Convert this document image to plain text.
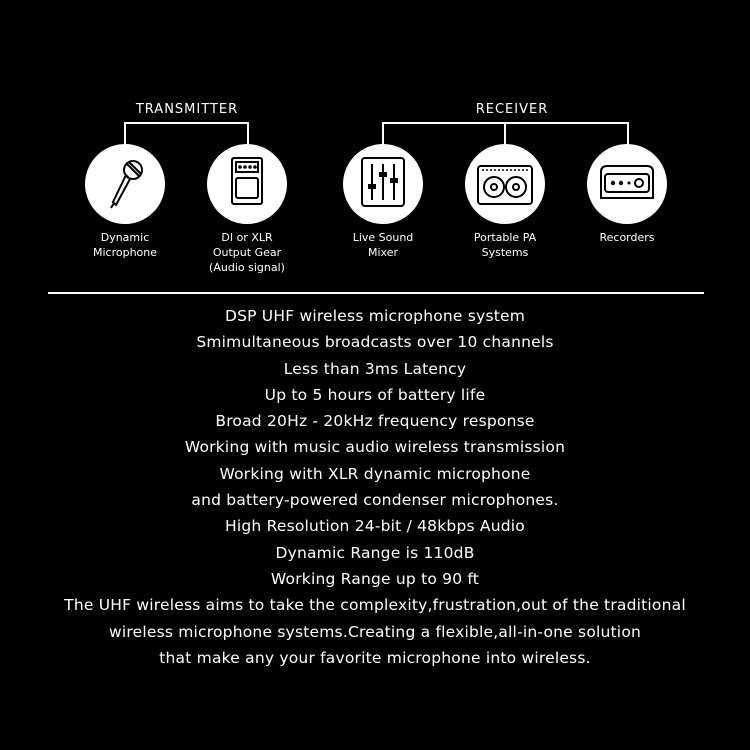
TRANSMITTER	RECEIVER
Dynamic
Microphone
DI or XLR
Output Gear
(Audio signal)
Live Sound
Mixer
Portable PA
Systems
Recorders
DSP UHF wireless microphone system
Smimultaneous broadcasts over 10 channels
Less than 3ms Latency
Up to 5 hours of battery life
Broad 20Hz - 20kHz frequency response
Working with music audio wireless transmission
Working with XLR dynamic microphone
and battery-powered condenser microphones.
High Resolution 24-bit / 48kbps Audio
Dynamic Range is 110dB
Working Range up to 90 ft
The UHF wireless aims to take the complexity,frustration,out of the traditional
wireless microphone systems.Creating a flexible,all-in-one solution
that make any your favorite microphone into wireless.
